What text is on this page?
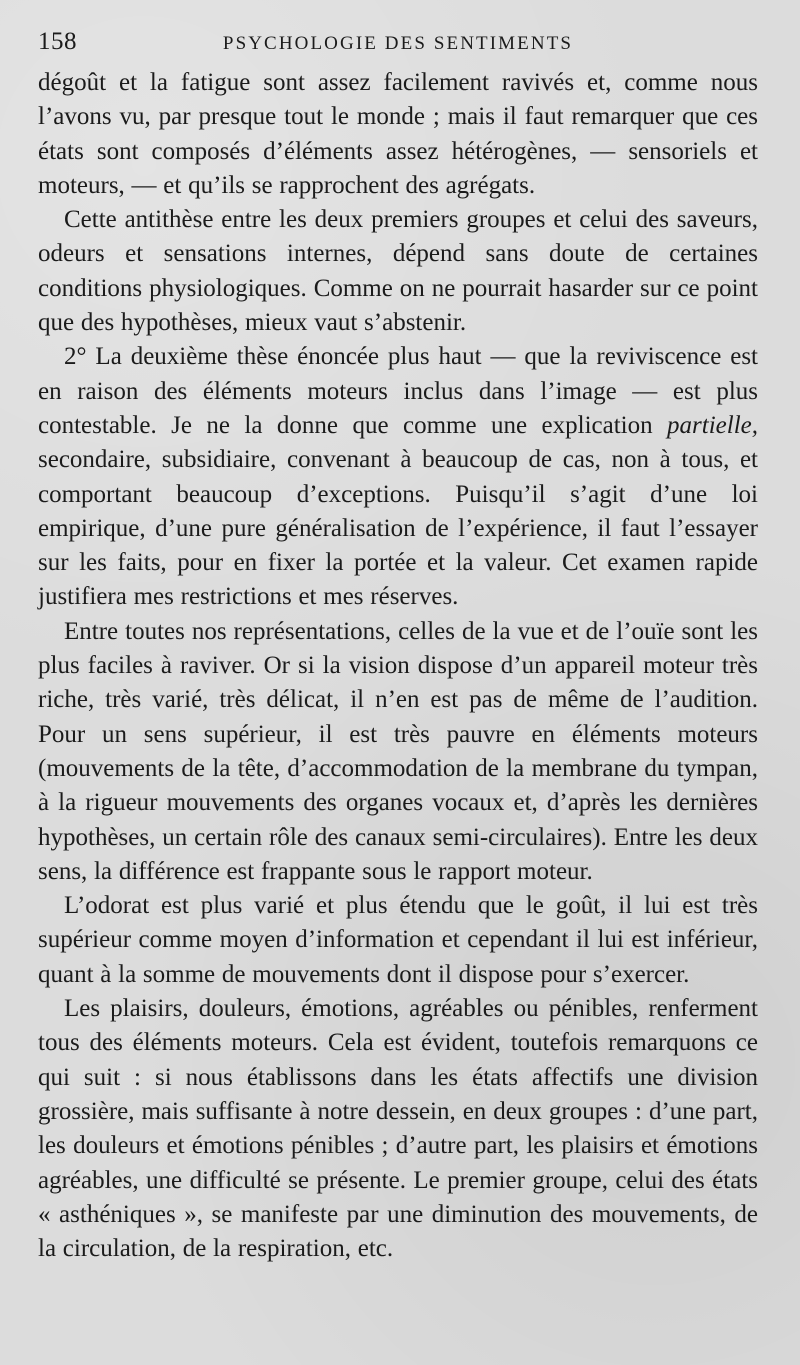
158	PSYCHOLOGIE DES SENTIMENTS

dégoût et la fatigue sont assez facilement ravivés et, comme nous l’avons vu, par presque tout le monde ; mais il faut remarquer que ces états sont composés d’éléments assez hétérogènes, — sensoriels et moteurs, — et qu’ils se rapprochent des agrégats.

Cette antithèse entre les deux premiers groupes et celui des saveurs, odeurs et sensations internes, dépend sans doute de certaines conditions physiologiques. Comme on ne pourrait hasarder sur ce point que des hypothèses, mieux vaut s’abstenir.

2° La deuxième thèse énoncée plus haut — que la reviviscence est en raison des éléments moteurs inclus dans l’image — est plus contestable. Je ne la donne que comme une explication partielle, secondaire, subsidiaire, convenant à beaucoup de cas, non à tous, et comportant beaucoup d’exceptions. Puisqu’il s’agit d’une loi empirique, d’une pure généralisation de l’expérience, il faut l’essayer sur les faits, pour en fixer la portée et la valeur. Cet examen rapide justifiera mes restrictions et mes réserves.

Entre toutes nos représentations, celles de la vue et de l’ouïe sont les plus faciles à raviver. Or si la vision dispose d’un appareil moteur très riche, très varié, très délicat, il n’en est pas de même de l’audition. Pour un sens supérieur, il est très pauvre en éléments moteurs (mouvements de la tête, d’accommodation de la membrane du tympan, à la rigueur mouvements des organes vocaux et, d’après les dernières hypothèses, un certain rôle des canaux semi-circulaires). Entre les deux sens, la différence est frappante sous le rapport moteur.

L’odorat est plus varié et plus étendu que le goût, il lui est très supérieur comme moyen d’information et cependant il lui est inférieur, quant à la somme de mouvements dont il dispose pour s’exercer.

Les plaisirs, douleurs, émotions, agréables ou pénibles, renferment tous des éléments moteurs. Cela est évident, toutefois remarquons ce qui suit : si nous établissons dans les états affectifs une division grossière, mais suffisante à notre dessein, en deux groupes : d’une part, les douleurs et émotions pénibles ; d’autre part, les plaisirs et émotions agréables, une difficulté se présente. Le premier groupe, celui des états « asthéniques », se manifeste par une diminution des mouvements, de la circulation, de la respiration, etc.
